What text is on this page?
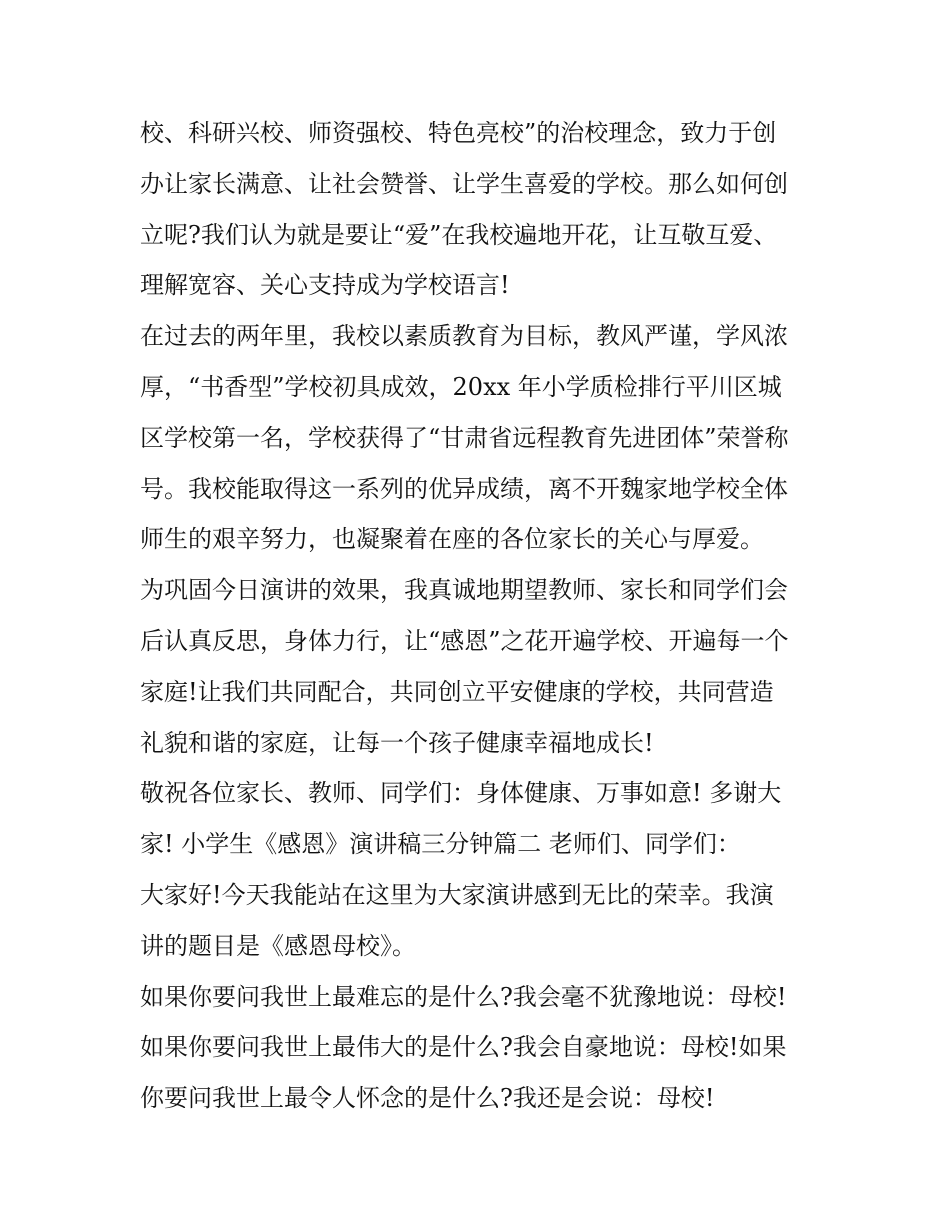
校、科研兴校、师资强校、特色亮校”的治校理念，致力于创
办让家长满意、让社会赞誉、让学生喜爱的学校。那么如何创
立呢?我们认为就是要让“爱”在我校遍地开花，让互敬互爱、
理解宽容、关心支持成为学校语言!
在过去的两年里，我校以素质教育为目标，教风严谨，学风浓
厚，“书香型”学校初具成效，20xx 年小学质检排行平川区城
区学校第一名，学校获得了“甘肃省远程教育先进团体”荣誉称
号。我校能取得这一系列的优异成绩，离不开魏家地学校全体
师生的艰辛努力，也凝聚着在座的各位家长的关心与厚爱。
为巩固今日演讲的效果，我真诚地期望教师、家长和同学们会
后认真反思，身体力行，让“感恩”之花开遍学校、开遍每一个
家庭!让我们共同配合，共同创立平安健康的学校，共同营造
礼貌和谐的家庭，让每一个孩子健康幸福地成长!
敬祝各位家长、教师、同学们：身体健康、万事如意! 多谢大
家! 小学生《感恩》演讲稿三分钟篇二 老师们、同学们：
大家好!今天我能站在这里为大家演讲感到无比的荣幸。我演
讲的题目是《感恩母校》。
如果你要问我世上最难忘的是什么?我会毫不犹豫地说：母校!
如果你要问我世上最伟大的是什么?我会自豪地说：母校!如果
你要问我世上最令人怀念的是什么?我还是会说：母校!
